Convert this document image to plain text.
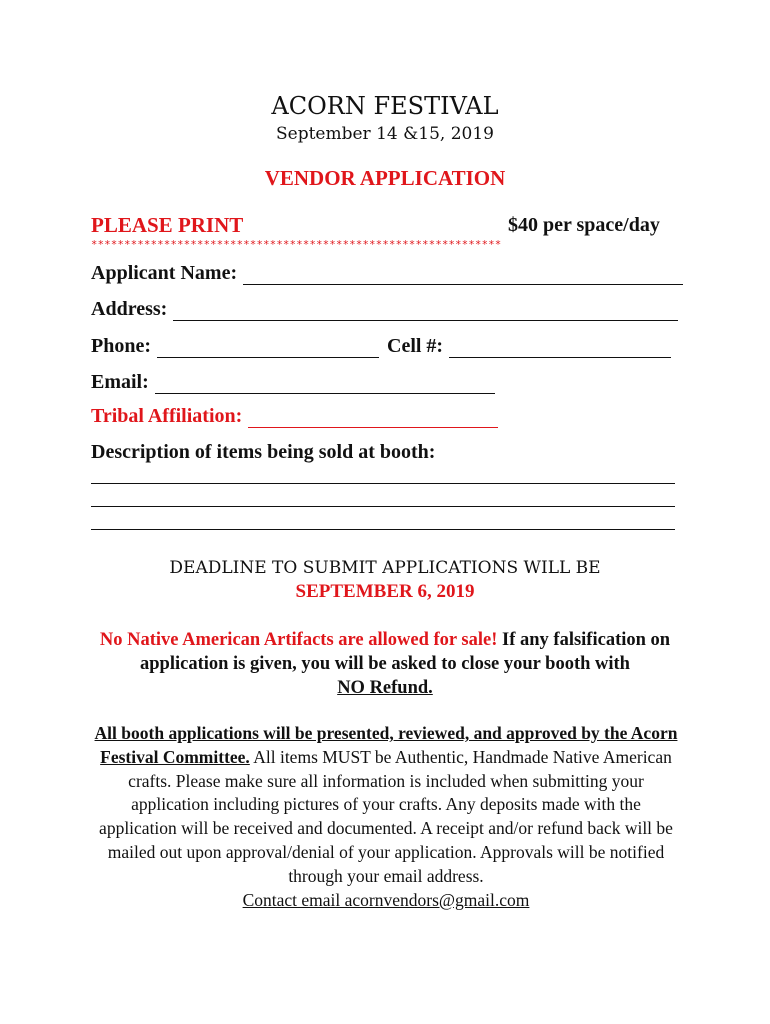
ACORN FESTIVAL
September 14 &15, 2019
VENDOR APPLICATION
PLEASE PRINT	$40 per space/day
**************************************************************
Applicant Name:
Address:
Phone:	Cell #:
Email:
Tribal Affiliation:
Description of items being sold at booth:
DEADLINE TO SUBMIT APPLICATIONS WILL BE
SEPTEMBER 6, 2019
No Native American Artifacts are allowed for sale! If any falsification on application is given, you will be asked to close your booth with
NO Refund.
All booth applications will be presented, reviewed, and approved by the Acorn Festival Committee. All items MUST be Authentic, Handmade Native American crafts. Please make sure all information is included when submitting your application including pictures of your crafts. Any deposits made with the application will be received and documented. A receipt and/or refund back will be mailed out upon approval/denial of your application. Approvals will be notified through your email address.
Contact email acornvendors@gmail.com
